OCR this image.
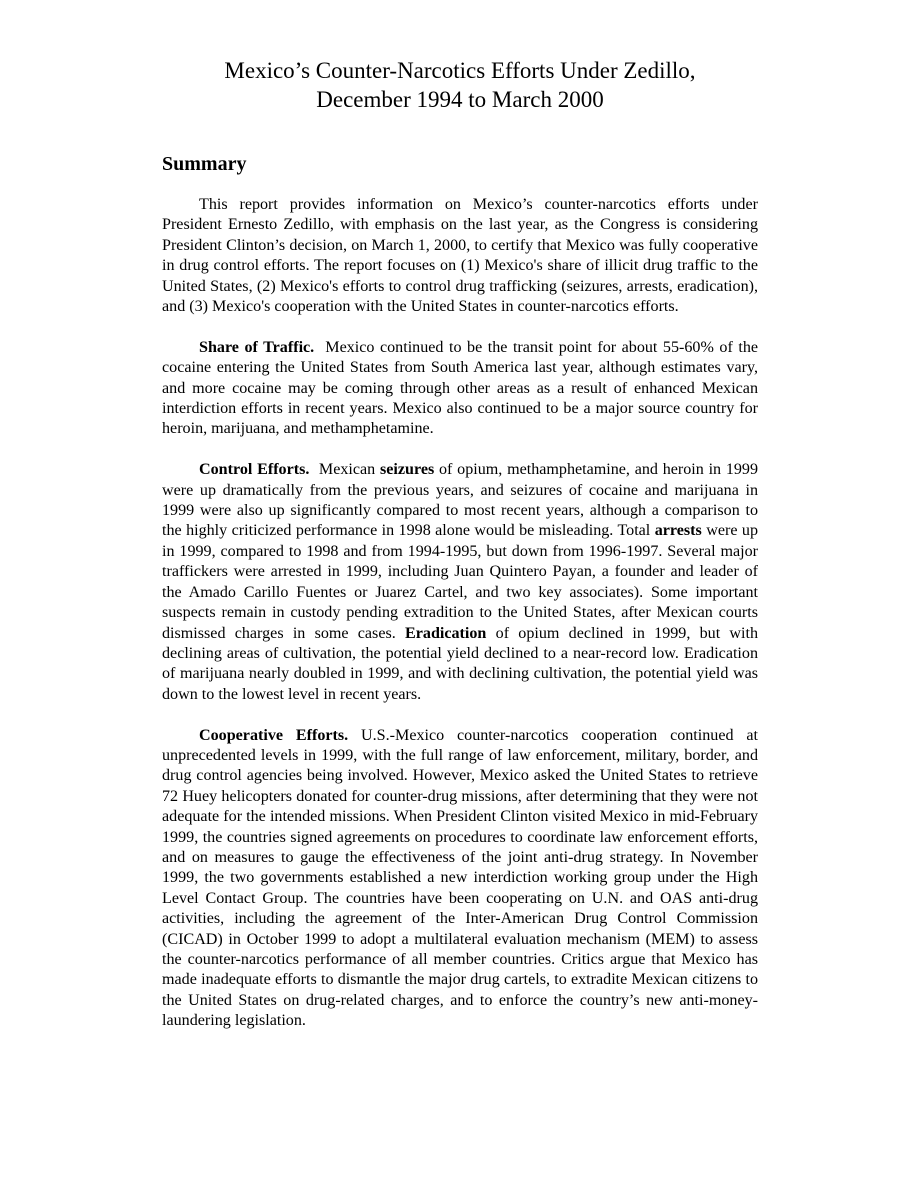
Mexico’s Counter-Narcotics Efforts Under Zedillo,
December 1994 to March 2000
Summary

This report provides information on Mexico’s counter-narcotics efforts under President Ernesto Zedillo, with emphasis on the last year, as the Congress is considering President Clinton’s decision, on March 1, 2000, to certify that Mexico was fully cooperative in drug control efforts. The report focuses on (1) Mexico's share of illicit drug traffic to the United States, (2) Mexico's efforts to control drug trafficking (seizures, arrests, eradication), and (3) Mexico's cooperation with the United States in counter-narcotics efforts.

Share of Traffic. Mexico continued to be the transit point for about 55-60% of the cocaine entering the United States from South America last year, although estimates vary, and more cocaine may be coming through other areas as a result of enhanced Mexican interdiction efforts in recent years. Mexico also continued to be a major source country for heroin, marijuana, and methamphetamine.

Control Efforts. Mexican seizures of opium, methamphetamine, and heroin in 1999 were up dramatically from the previous years, and seizures of cocaine and marijuana in 1999 were also up significantly compared to most recent years, although a comparison to the highly criticized performance in 1998 alone would be misleading. Total arrests were up in 1999, compared to 1998 and from 1994-1995, but down from 1996-1997. Several major traffickers were arrested in 1999, including Juan Quintero Payan, a founder and leader of the Amado Carillo Fuentes or Juarez Cartel, and two key associates). Some important suspects remain in custody pending extradition to the United States, after Mexican courts dismissed charges in some cases. Eradication of opium declined in 1999, but with declining areas of cultivation, the potential yield declined to a near-record low. Eradication of marijuana nearly doubled in 1999, and with declining cultivation, the potential yield was down to the lowest level in recent years.

Cooperative Efforts. U.S.-Mexico counter-narcotics cooperation continued at unprecedented levels in 1999, with the full range of law enforcement, military, border, and drug control agencies being involved. However, Mexico asked the United States to retrieve 72 Huey helicopters donated for counter-drug missions, after determining that they were not adequate for the intended missions. When President Clinton visited Mexico in mid-February 1999, the countries signed agreements on procedures to coordinate law enforcement efforts, and on measures to gauge the effectiveness of the joint anti-drug strategy. In November 1999, the two governments established a new interdiction working group under the High Level Contact Group. The countries have been cooperating on U.N. and OAS anti-drug activities, including the agreement of the Inter-American Drug Control Commission (CICAD) in October 1999 to adopt a multilateral evaluation mechanism (MEM) to assess the counter-narcotics performance of all member countries. Critics argue that Mexico has made inadequate efforts to dismantle the major drug cartels, to extradite Mexican citizens to the United States on drug-related charges, and to enforce the country’s new anti-money-laundering legislation.
